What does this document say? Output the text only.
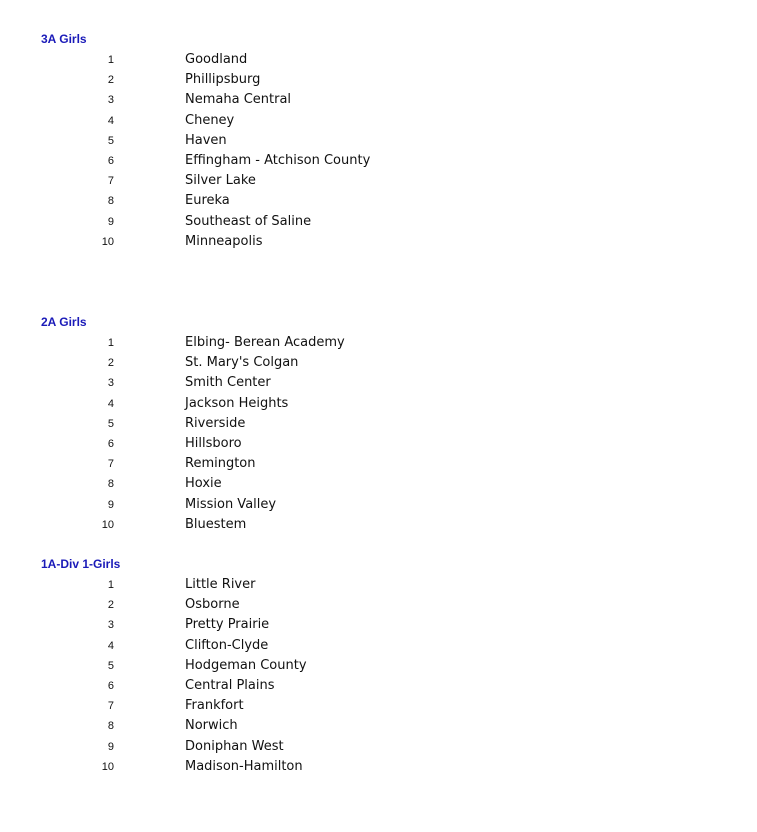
3A Girls
1	Goodland
2	Phillipsburg
3	Nemaha Central
4	Cheney
5	Haven
6	Effingham - Atchison County
7	Silver Lake
8	Eureka
9	Southeast of Saline
10	Minneapolis
2A Girls
1	Elbing- Berean Academy
2	St. Mary's Colgan
3	Smith Center
4	Jackson Heights
5	Riverside
6	Hillsboro
7	Remington
8	Hoxie
9	Mission Valley
10	Bluestem
1A-Div 1-Girls
1	Little River
2	Osborne
3	Pretty Prairie
4	Clifton-Clyde
5	Hodgeman County
6	Central Plains
7	Frankfort
8	Norwich
9	Doniphan West
10	Madison-Hamilton
